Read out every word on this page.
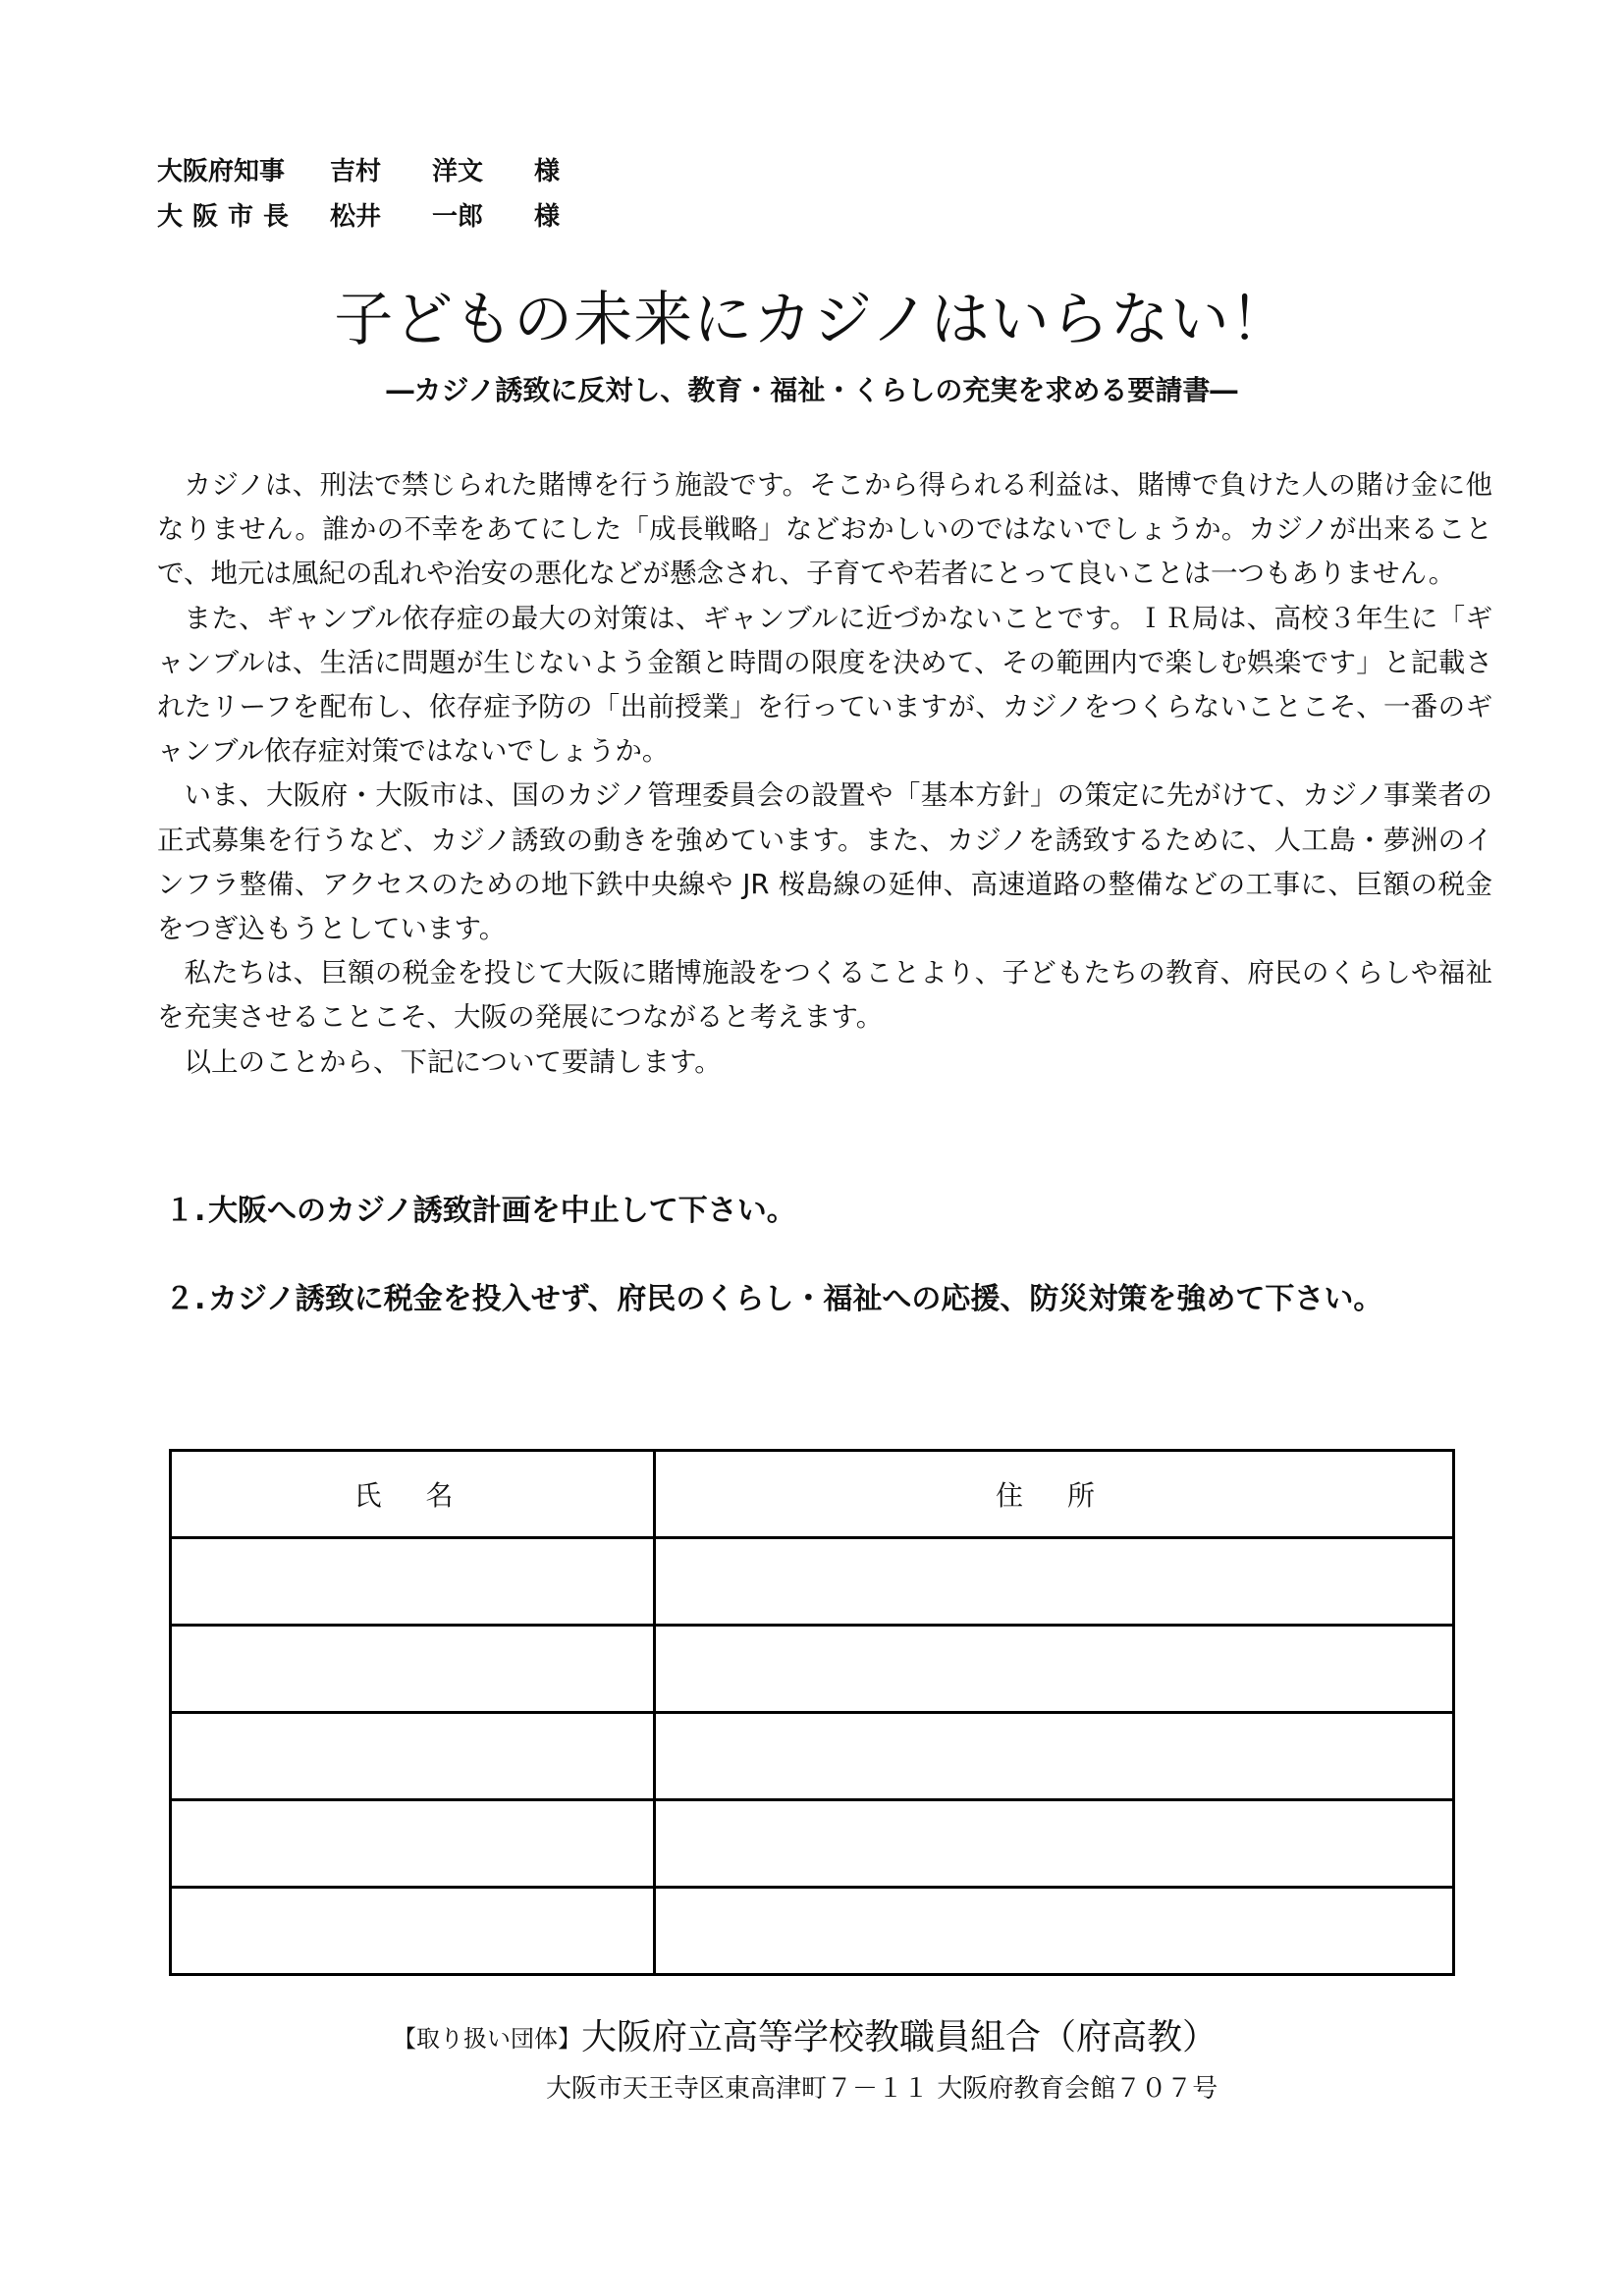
大阪府知事 吉村 洋文 様
大阪市長 松井 一郎 様
子どもの未来にカジノはいらない！
―カジノ誘致に反対し、教育・福祉・くらしの充実を求める要請書―

カジノは、刑法で禁じられた賭博を行う施設です。そこから得られる利益は、賭博で負けた人の賭け金に他なりません。誰かの不幸をあてにした「成長戦略」などおかしいのではないでしょうか。カジノが出来ることで、地元は風紀の乱れや治安の悪化などが懸念され、子育てや若者にとって良いことは一つもありません。

また、ギャンブル依存症の最大の対策は、ギャンブルに近づかないことです。ＩＲ局は、高校３年生に「ギャンブルは、生活に問題が生じないよう金額と時間の限度を決めて、その範囲内で楽しむ娯楽です」と記載されたリーフを配布し、依存症予防の「出前授業」を行っていますが、カジノをつくらないことこそ、一番のギャンブル依存症対策ではないでしょうか。

いま、大阪府・大阪市は、国のカジノ管理委員会の設置や「基本方針」の策定に先がけて、カジノ事業者の正式募集を行うなど、カジノ誘致の動きを強めています。また、カジノを誘致するために、人工島・夢洲のインフラ整備、アクセスのための地下鉄中央線や JR 桜島線の延伸、高速道路の整備などの工事に、巨額の税金をつぎ込もうとしています。

私たちは、巨額の税金を投じて大阪に賭博施設をつくることより、子どもたちの教育、府民のくらしや福祉を充実させることこそ、大阪の発展につながると考えます。

以上のことから、下記について要請します。

１. 大阪へのカジノ誘致計画を中止して下さい。
２. カジノ誘致に税金を投入せず、府民のくらし・福祉への応援、防災対策を強めて下さい。
氏 名	住 所

【取り扱い団体】大阪府立高等学校教職員組合（府高教）
大阪市天王寺区東高津町７－１１ 大阪府教育会館７０７号
